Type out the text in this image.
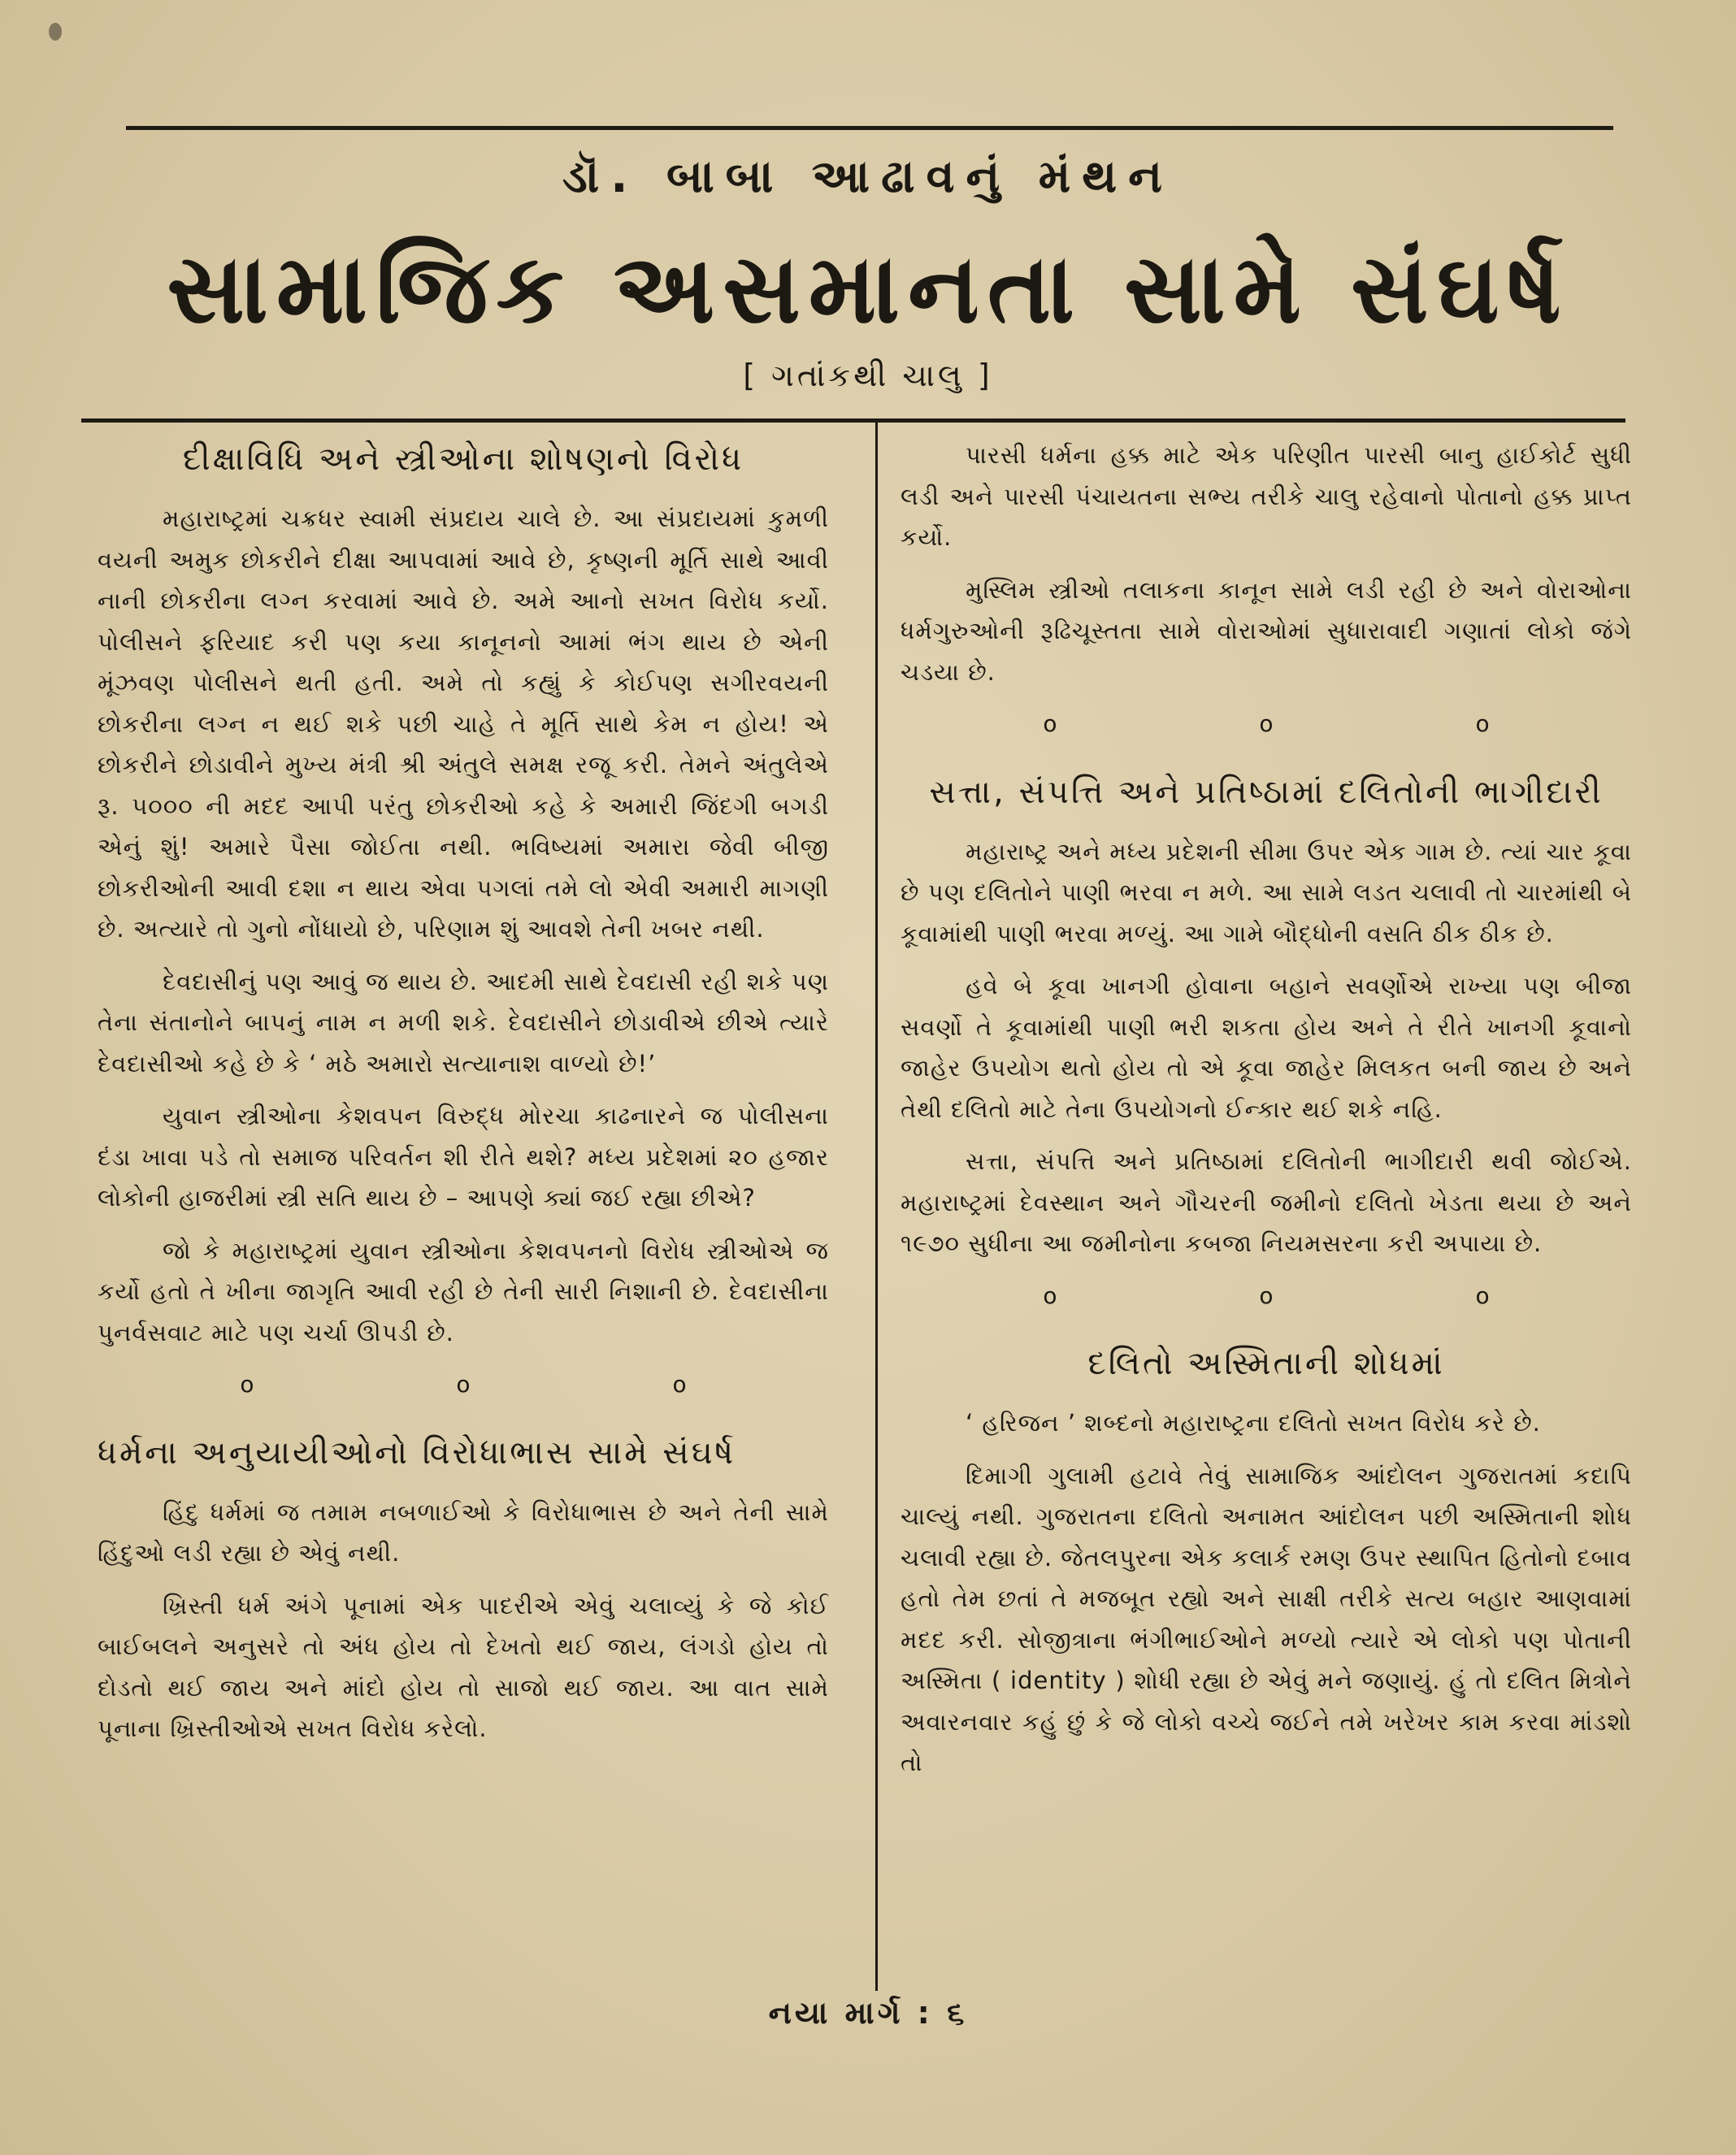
ડૉ. બાબા આઢાવનું મંથન
સામાજિક અસમાનતા સામે સંઘર્ષ
[ ગતાંકથી ચાલુ ]
દીક્ષાવિધિ અને સ્ત્રીઓના શોષણનો વિરોધ

મહારાષ્ટ્રમાં ચક્રધર સ્વામી સંપ્રદાય ચાલે છે. આ સંપ્રદાયમાં કુમળી વયની અમુક છોકરીને દીક્ષા આપવામાં આવે છે, કૃષ્ણની મૂર્તિ સાથે આવી નાની છોકરીના લગ્ન કરવામાં આવે છે. અમે આનો સખત વિરોધ કર્યો. પોલીસને ફરિયાદ કરી પણ કયા કાનૂનનો આમાં ભંગ થાય છે એની મૂંઝવણ પોલીસને થતી હતી. અમે તો કહ્યું કે કોઈપણ સગીરવયની છોકરીના લગ્ન ન થઈ શકે પછી ચાહે તે મૂર્તિ સાથે કેમ ન હોય! એ છોકરીને છોડાવીને મુખ્ય મંત્રી શ્રી અંતુલે સમક્ષ રજૂ કરી. તેમને અંતુલેએ રૂ. ૫૦૦૦ ની મદદ આપી પરંતુ છોકરીઓ કહે કે અમારી જિંદગી બગડી એનું શું! અમારે પૈસા જોઈતા નથી. ભવિષ્યમાં અમારા જેવી બીજી છોકરીઓની આવી દશા ન થાય એવા પગલાં તમે લો એવી અમારી માગણી છે. અત્યારે તો ગુનો નોંધાયો છે, પરિણામ શું આવશે તેની ખબર નથી.

દેવદાસીનું પણ આવું જ થાય છે. આદમી સાથે દેવદાસી રહી શકે પણ તેના સંતાનોને બાપનું નામ ન મળી શકે. દેવદાસીને છોડાવીએ છીએ ત્યારે દેવદાસીઓ કહે છે કે ‘ મઠે અમારો સત્યાનાશ વાળ્યો છે!’

યુવાન સ્ત્રીઓના કેશવપન વિરુદ્ધ મોરચા કાઢનારને જ પોલીસના દંડા ખાવા પડે તો સમાજ પરિવર્તન શી રીતે થશે? મધ્ય પ્રદેશમાં ૨૦ હજાર લોકોની હાજરીમાં સ્ત્રી સતિ થાય છે – આપણે ક્યાં જઈ રહ્યા છીએ?

જો કે મહારાષ્ટ્રમાં યુવાન સ્ત્રીઓના કેશવપનનો વિરોધ સ્ત્રીઓએ જ કર્યો હતો તે ખીના જાગૃતિ આવી રહી છે તેની સારી નિશાની છે. દેવદાસીના પુનર્વસવાટ માટે પણ ચર્ચા ઊપડી છે.

o o o
ધર્મના અનુયાયીઓનો વિરોધાભાસ સામે સંઘર્ષ

હિંદુ ધર્મમાં જ તમામ નબળાઈઓ કે વિરોધાભાસ છે અને તેની સામે હિંદુઓ લડી રહ્યા છે એવું નથી.

ખ્રિસ્તી ધર્મ અંગે પૂનામાં એક પાદરીએ એવું ચલાવ્યું કે જે કોઈ બાઈબલને અનુસરે તો અંધ હોય તો દેખતો થઈ જાય, લંગડો હોય તો દોડતો થઈ જાય અને માંદો હોય તો સાજો થઈ જાય. આ વાત સામે પૂનાના ખ્રિસ્તીઓએ સખત વિરોધ કરેલો.

પારસી ધર્મના હક્ક માટે એક પરિણીત પારસી બાનુ હાઈકોર્ટ સુધી લડી અને પારસી પંચાયતના સભ્ય તરીકે ચાલુ રહેવાનો પોતાનો હક્ક પ્રાપ્ત કર્યો.

મુસ્લિમ સ્ત્રીઓ તલાકના કાનૂન સામે લડી રહી છે અને વોરાઓના ધર્મગુરુઓની રૂઢિચૂસ્તતા સામે વોરાઓમાં સુધારાવાદી ગણાતાં લોકો જંગે ચડયા છે.

o o o
સત્તા, સંપત્તિ અને પ્રતિષ્ઠામાં દલિતોની ભાગીદારી

મહારાષ્ટ્ર અને મધ્ય પ્રદેશની સીમા ઉપર એક ગામ છે. ત્યાં ચાર કૂવા છે પણ દલિતોને પાણી ભરવા ન મળે. આ સામે લડત ચલાવી તો ચારમાંથી બે કૂવામાંથી પાણી ભરવા મળ્યું. આ ગામે બૌદ્ધોની વસતિ ઠીક ઠીક છે.

હવે બે કૂવા ખાનગી હોવાના બહાને સવર્ણોએ રાખ્યા પણ બીજા સવર્ણો તે કૂવામાંથી પાણી ભરી શકતા હોય અને તે રીતે ખાનગી કૂવાનો જાહેર ઉપયોગ થતો હોય તો એ કૂવા જાહેર મિલકત બની જાય છે અને તેથી દલિતો માટે તેના ઉપયોગનો ઈન્કાર થઈ શકે નહિ.

સત્તા, સંપત્તિ અને પ્રતિષ્ઠામાં દલિતોની ભાગીદારી થવી જોઈએ. મહારાષ્ટ્રમાં દેવસ્થાન અને ગૌચરની જમીનો દલિતો ખેડતા થયા છે અને ૧૯૭૦ સુધીના આ જમીનોના કબજા નિયમસરના કરી અપાયા છે.

o o o
દલિતો અસ્મિતાની શોધમાં

‘ હરિજન ’ શબ્દનો મહારાષ્ટ્રના દલિતો સખત વિરોધ કરે છે.

દિમાગી ગુલામી હટાવે તેવું સામાજિક આંદોલન ગુજરાતમાં કદાપિ ચાલ્યું નથી. ગુજરાતના દલિતો અનામત આંદોલન પછી અસ્મિતાની શોધ ચલાવી રહ્યા છે. જેતલપુરના એક કલાર્ક રમણ ઉપર સ્થાપિત હિતોનો દબાવ હતો તેમ છતાં તે મજબૂત રહ્યો અને સાક્ષી તરીકે સત્ય બહાર આણવામાં મદદ કરી. સોજીત્રાના ભંગીભાઈઓને મળ્યો ત્યારે એ લોકો પણ પોતાની અસ્મિતા ( identity ) શોધી રહ્યા છે એવું મને જણાયું. હું તો દલિત મિત્રોને અવારનવાર કહું છું કે જે લોકો વચ્ચે જઈને તમે ખરેખર કામ કરવા માંડશો તો

નયા માર્ગ : ૬
